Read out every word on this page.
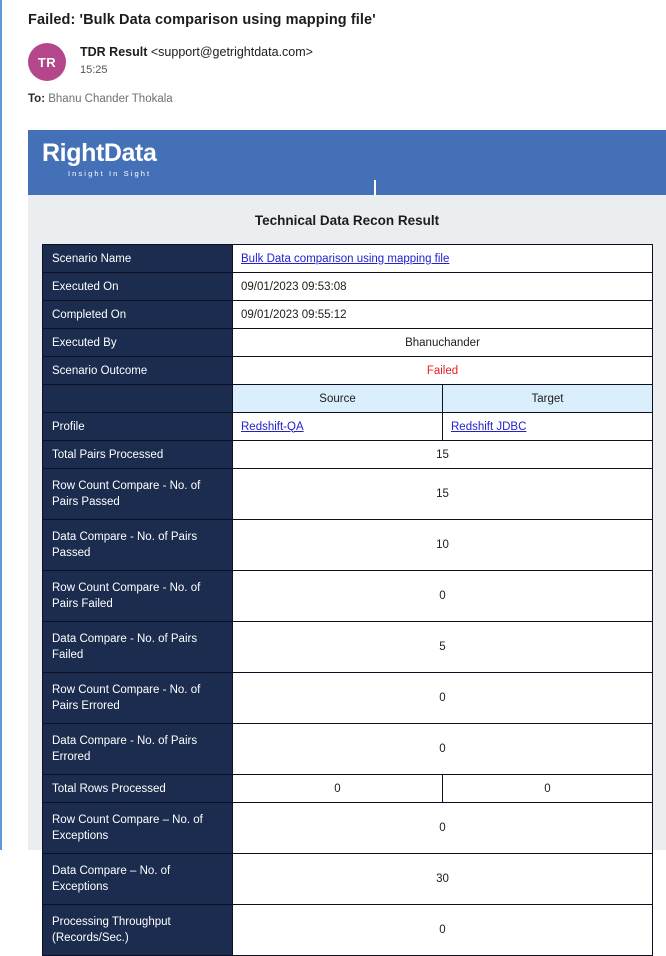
Failed: 'Bulk Data comparison using mapping file'
TR
TDR Result <support@getrightdata.com>
15:25
To: Bhanu Chander Thokala
RightData
Insight In Sight
Technical Data Recon Result
Scenario Name	Bulk Data comparison using mapping file	
Executed On	09/01/2023 09:53:08	
Completed On	09/01/2023 09:55:12	
Executed By	Bhanuchander	
Scenario Outcome	Failed	
	Source	Target
Profile	Redshift-QA	Redshift JDBC
Total Pairs Processed	15	
Row Count Compare - No. of Pairs Passed	15	
Data Compare - No. of Pairs Passed	10	
Row Count Compare - No. of Pairs Failed	0	
Data Compare - No. of Pairs Failed	5	
Row Count Compare - No. of Pairs Errored	0	
Data Compare - No. of Pairs Errored	0	
Total Rows Processed	0	0
Row Count Compare – No. of Exceptions	0	
Data Compare – No. of Exceptions	30	
Processing Throughput (Records/Sec.)	0	
